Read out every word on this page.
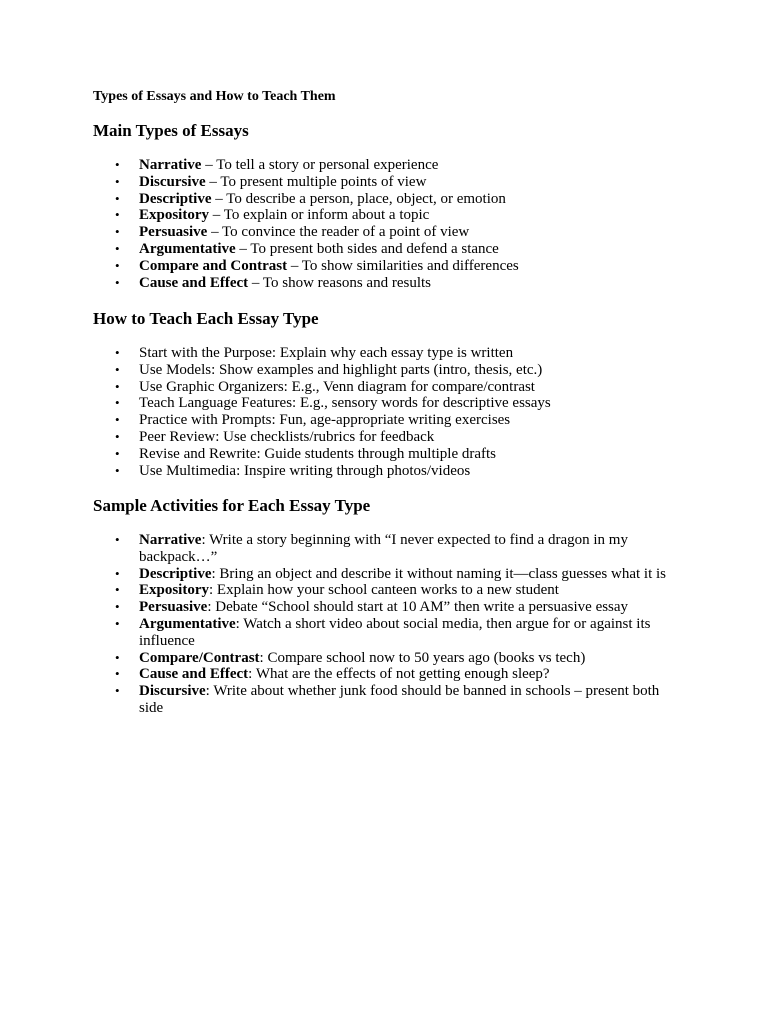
Types of Essays and How to Teach Them
Main Types of Essays
• Narrative – To tell a story or personal experience
• Discursive – To present multiple points of view
• Descriptive – To describe a person, place, object, or emotion
• Expository – To explain or inform about a topic
• Persuasive – To convince the reader of a point of view
• Argumentative – To present both sides and defend a stance
• Compare and Contrast – To show similarities and differences
• Cause and Effect – To show reasons and results
How to Teach Each Essay Type
• Start with the Purpose: Explain why each essay type is written
• Use Models: Show examples and highlight parts (intro, thesis, etc.)
• Use Graphic Organizers: E.g., Venn diagram for compare/contrast
• Teach Language Features: E.g., sensory words for descriptive essays
• Practice with Prompts: Fun, age-appropriate writing exercises
• Peer Review: Use checklists/rubrics for feedback
• Revise and Rewrite: Guide students through multiple drafts
• Use Multimedia: Inspire writing through photos/videos
Sample Activities for Each Essay Type
• Narrative: Write a story beginning with “I never expected to find a dragon in my backpack…”
• Descriptive: Bring an object and describe it without naming it—class guesses what it is
• Expository: Explain how your school canteen works to a new student
• Persuasive: Debate “School should start at 10 AM” then write a persuasive essay
• Argumentative: Watch a short video about social media, then argue for or against its influence
• Compare/Contrast: Compare school now to 50 years ago (books vs tech)
• Cause and Effect: What are the effects of not getting enough sleep?
• Discursive: Write about whether junk food should be banned in schools – present both side
